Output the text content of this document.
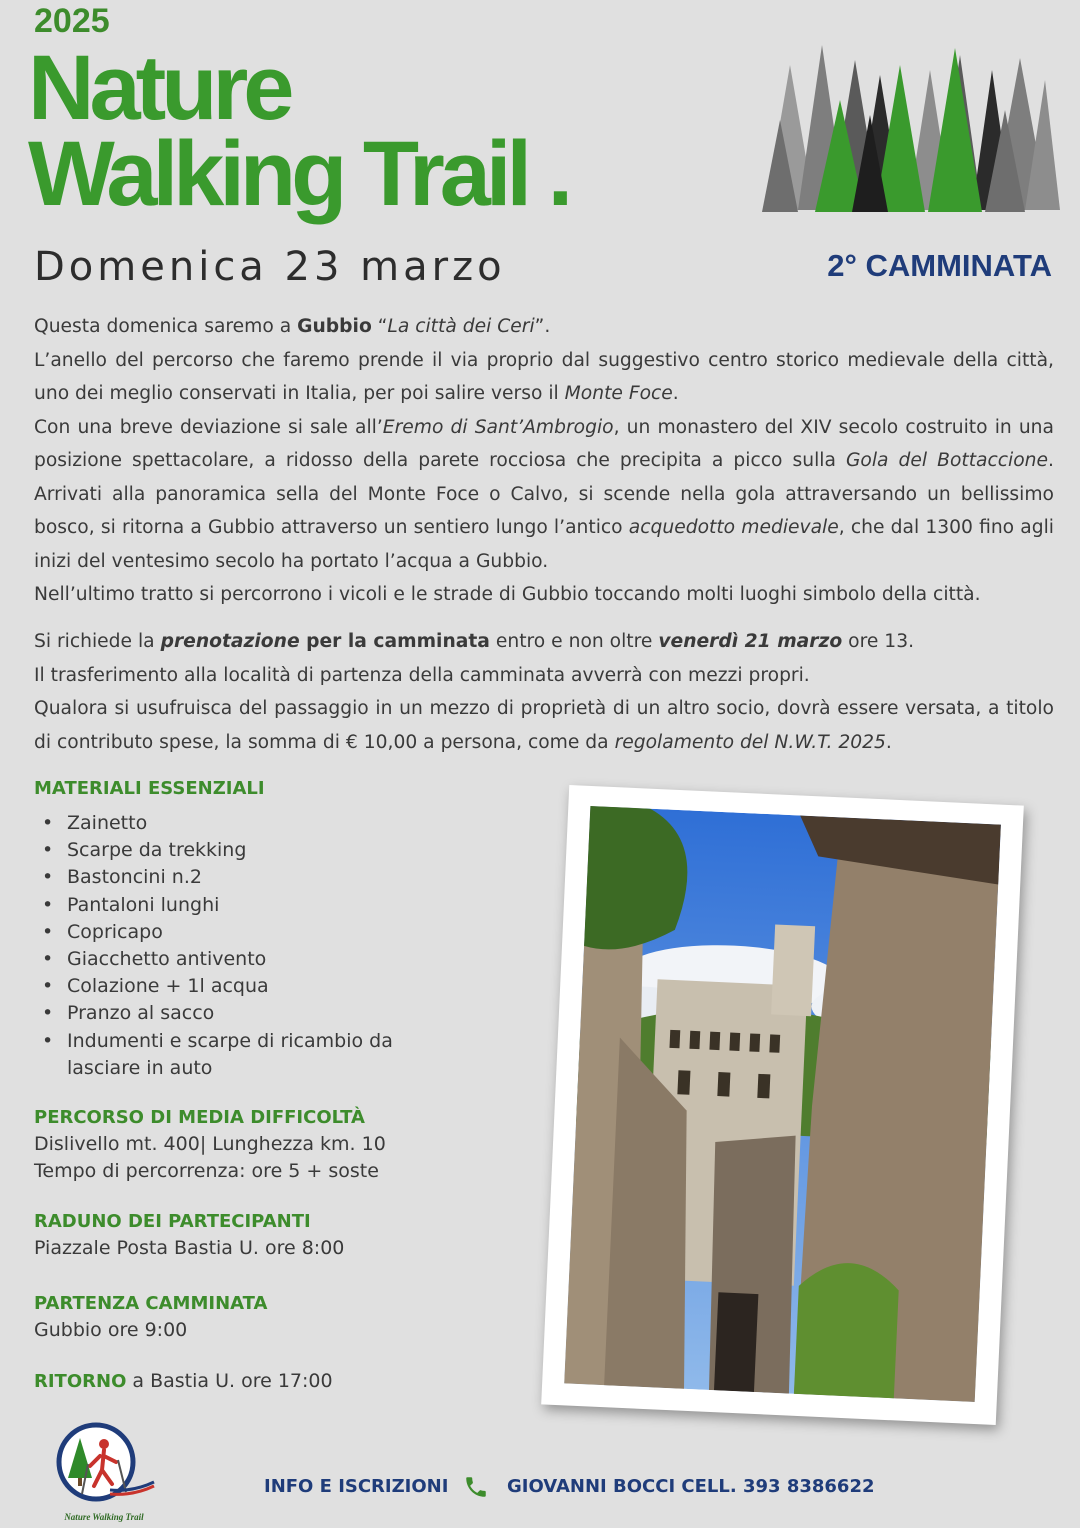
2025
Nature
Walking Trail .
Domenica 23 marzo	2° CAMMINATA

Questa domenica saremo a Gubbio “La città dei Ceri”.

L’anello del percorso che faremo prende il via proprio dal suggestivo centro storico medievale della città, uno dei meglio conservati in Italia, per poi salire verso il Monte Foce.

Con una breve deviazione si sale all’Eremo di Sant’Ambrogio, un monastero del XIV secolo costruito in una posizione spettacolare, a ridosso della parete rocciosa che precipita a picco sulla Gola del Bottaccione. Arrivati alla panoramica sella del Monte Foce o Calvo, si scende nella gola attraversando un bellissimo bosco, si ritorna a Gubbio attraverso un sentiero lungo l’antico acquedotto medievale, che dal 1300 fino agli inizi del ventesimo secolo ha portato l’acqua a Gubbio.

Nell’ultimo tratto si percorrono i vicoli e le strade di Gubbio toccando molti luoghi simbolo della città.

Si richiede la prenotazione per la camminata entro e non oltre venerdì 21 marzo ore 13.

Il trasferimento alla località di partenza della camminata avverrà con mezzi propri.

Qualora si usufruisca del passaggio in un mezzo di proprietà di un altro socio, dovrà essere versata, a titolo di contributo spese, la somma di € 10,00 a persona, come da regolamento del N.W.T. 2025.

MATERIALI ESSENZIALI
• Zainetto
• Scarpe da trekking
• Bastoncini n.2
• Pantaloni lunghi
• Copricapo
• Giacchetto antivento
• Colazione + 1l acqua
• Pranzo al sacco
• Indumenti e scarpe di ricambio da lasciare in auto
PERCORSO DI MEDIA DIFFICOLTÀ
Dislivello mt. 400| Lunghezza km. 10
Tempo di percorrenza: ore 5 + soste
RADUNO DEI PARTECIPANTI
Piazzale Posta Bastia U. ore 8:00
PARTENZA CAMMINATA
Gubbio ore 9:00
RITORNO a Bastia U. ore 17:00
Nature Walking Trail
INFO E ISCRIZIONI	GIOVANNI BOCCI CELL. 393 8386622
